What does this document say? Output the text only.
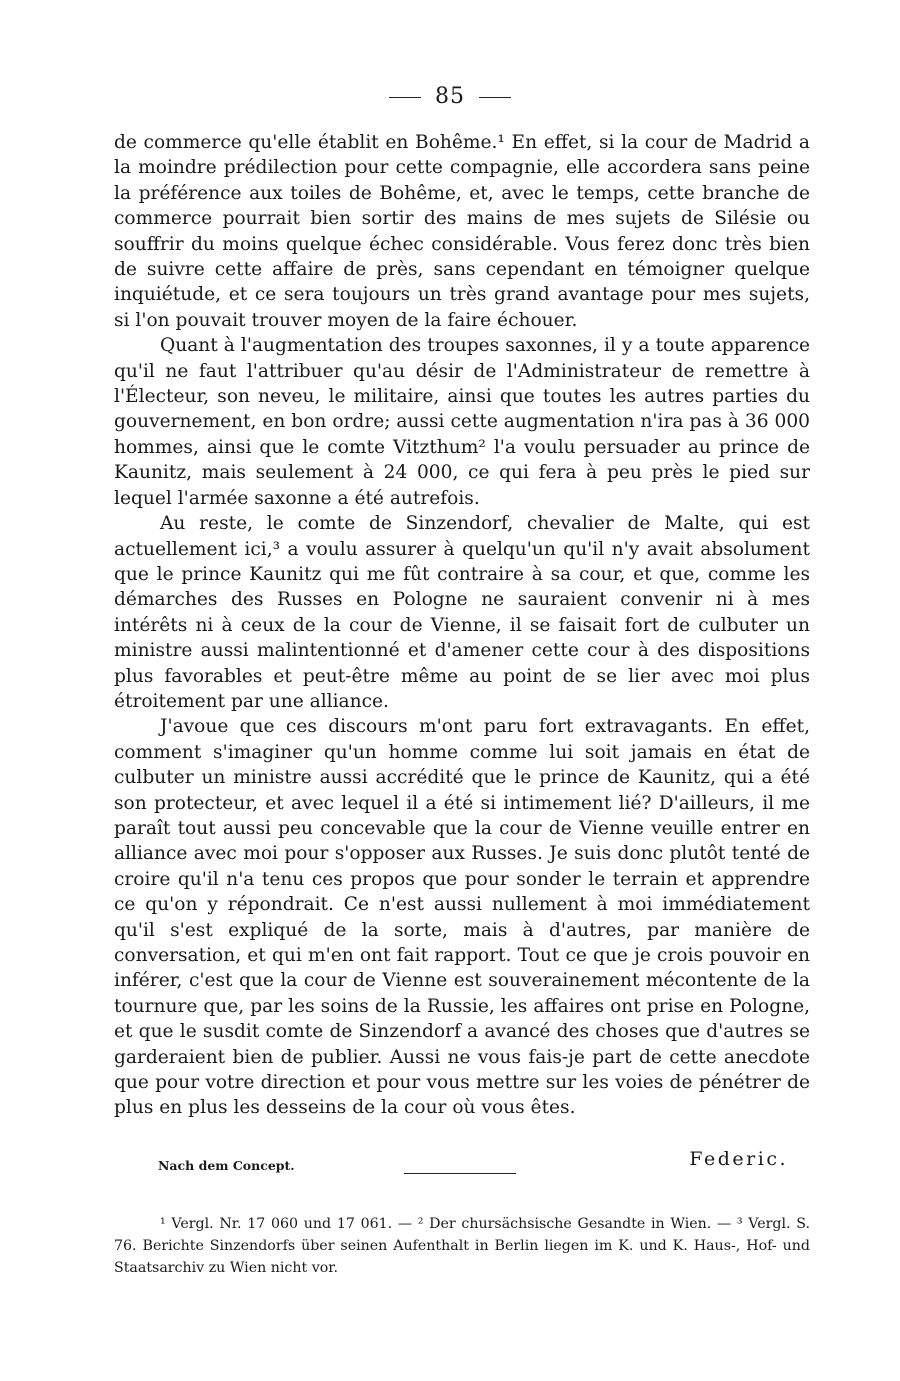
85

de commerce qu'elle établit en Bohême.¹ En effet, si la cour de Madrid a la moindre prédilection pour cette compagnie, elle accordera sans peine la préférence aux toiles de Bohême, et, avec le temps, cette branche de commerce pourrait bien sortir des mains de mes sujets de Silésie ou souffrir du moins quelque échec considérable. Vous ferez donc très bien de suivre cette affaire de près, sans cependant en témoigner quelque inquiétude, et ce sera toujours un très grand avantage pour mes sujets, si l'on pouvait trouver moyen de la faire échouer.

Quant à l'augmentation des troupes saxonnes, il y a toute apparence qu'il ne faut l'attribuer qu'au désir de l'Administrateur de remettre à l'Électeur, son neveu, le militaire, ainsi que toutes les autres parties du gouvernement, en bon ordre; aussi cette augmentation n'ira pas à 36 000 hommes, ainsi que le comte Vitzthum² l'a voulu persuader au prince de Kaunitz, mais seulement à 24 000, ce qui fera à peu près le pied sur lequel l'armée saxonne a été autrefois.

Au reste, le comte de Sinzendorf, chevalier de Malte, qui est actuellement ici,³ a voulu assurer à quelqu'un qu'il n'y avait absolument que le prince Kaunitz qui me fût contraire à sa cour, et que, comme les démarches des Russes en Pologne ne sauraient convenir ni à mes intérêts ni à ceux de la cour de Vienne, il se faisait fort de culbuter un ministre aussi malintentionné et d'amener cette cour à des dispositions plus favorables et peut-être même au point de se lier avec moi plus étroitement par une alliance.

J'avoue que ces discours m'ont paru fort extravagants. En effet, comment s'imaginer qu'un homme comme lui soit jamais en état de culbuter un ministre aussi accrédité que le prince de Kaunitz, qui a été son protecteur, et avec lequel il a été si intimement lié? D'ailleurs, il me paraît tout aussi peu concevable que la cour de Vienne veuille entrer en alliance avec moi pour s'opposer aux Russes. Je suis donc plutôt tenté de croire qu'il n'a tenu ces propos que pour sonder le terrain et apprendre ce qu'on y répondrait. Ce n'est aussi nullement à moi immédiatement qu'il s'est expliqué de la sorte, mais à d'autres, par manière de conversation, et qui m'en ont fait rapport. Tout ce que je crois pouvoir en inférer, c'est que la cour de Vienne est souverainement mécontente de la tournure que, par les soins de la Russie, les affaires ont prise en Pologne, et que le susdit comte de Sinzendorf a avancé des choses que d'autres se garderaient bien de publier. Aussi ne vous fais-je part de cette anecdote que pour votre direction et pour vous mettre sur les voies de pénétrer de plus en plus les desseins de la cour où vous êtes.

Nach dem Concept.	Federic.

¹ Vergl. Nr. 17 060 und 17 061. — ² Der chursächsische Gesandte in Wien. — ³ Vergl. S. 76. Berichte Sinzendorfs über seinen Aufenthalt in Berlin liegen im K. und K. Haus-, Hof- und Staatsarchiv zu Wien nicht vor.
